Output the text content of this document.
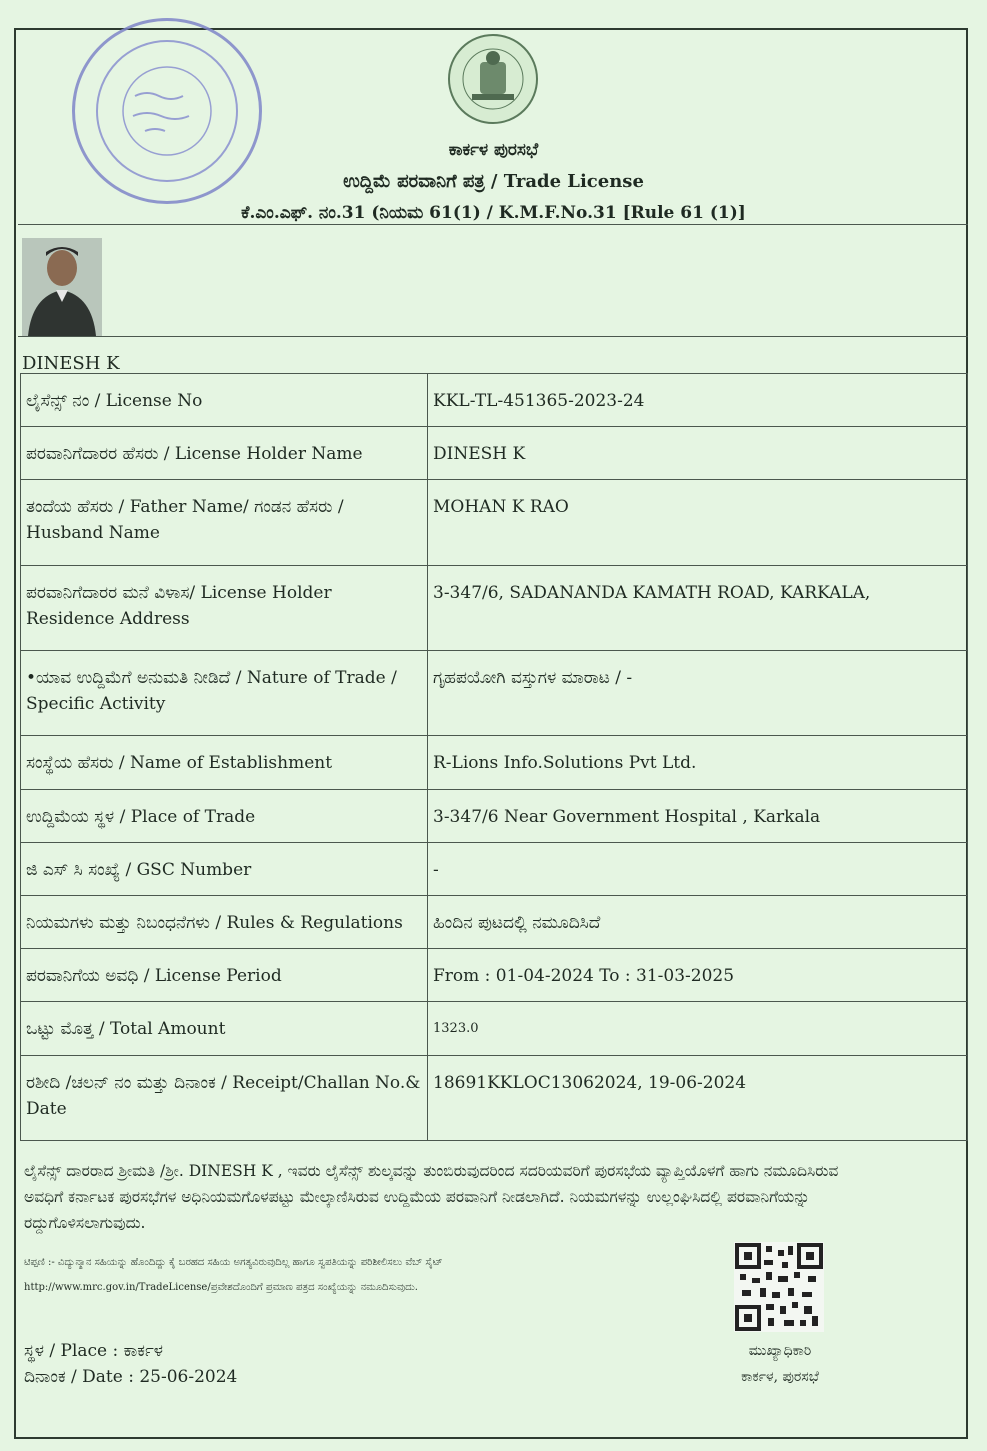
ಕಾರ್ಕಳ ಪುರಸಭೆ
ಉದ್ದಿಮೆ ಪರವಾನಿಗೆ ಪತ್ರ / Trade License
ಕೆ.ಎಂ.ಎಫ್. ನಂ.31 (ನಿಯಮ 61(1) / K.M.F.No.31 [Rule 61 (1)]
DINESH K
ಲೈಸೆನ್ಸ್ ನಂ / License No	KKL-TL-451365-2023-24
ಪರವಾನಿಗೆದಾರರ ಹೆಸರು / License Holder Name	DINESH K
ತಂದೆಯ ಹೆಸರು / Father Name/ ಗಂಡನ ಹೆಸರು / Husband Name	MOHAN K RAO
ಪರವಾನಿಗೆದಾರರ ಮನೆ ವಿಳಾಸ/ License Holder Residence Address	3-347/6, SADANANDA KAMATH ROAD, KARKALA,
•ಯಾವ ಉದ್ದಿಮೆಗೆ ಅನುಮತಿ ನೀಡಿದೆ / Nature of Trade / Specific Activity	ಗೃಹಪಯೋಗಿ ವಸ್ತುಗಳ ಮಾರಾಟ / -
ಸಂಸ್ಥೆಯ ಹೆಸರು / Name of Establishment	R-Lions Info.Solutions Pvt Ltd.
ಉದ್ದಿಮೆಯ ಸ್ಥಳ / Place of Trade	3-347/6 Near Government Hospital , Karkala
ಜಿ ಎಸ್ ಸಿ ಸಂಖ್ಯೆ / GSC Number	-
ನಿಯಮಗಳು ಮತ್ತು ನಿಬಂಧನೆಗಳು / Rules & Regulations	ಹಿಂದಿನ ಪುಟದಲ್ಲಿ ನಮೂದಿಸಿದೆ
ಪರವಾನಿಗೆಯ ಅವಧಿ / License Period	From : 01-04-2024 To : 31-03-2025
ಒಟ್ಟು ಮೊತ್ತ / Total Amount	1323.0
ರಶೀದಿ /ಚಲನ್ ನಂ ಮತ್ತು ದಿನಾಂಕ / Receipt/Challan No.& Date	18691KKLOC13062024, 19-06-2024
ಲೈಸೆನ್ಸ್ ದಾರರಾದ ಶ್ರೀಮತಿ /ಶ್ರೀ. DINESH K , ಇವರು ಲೈಸೆನ್ಸ್ ಶುಲ್ಕವನ್ನು ತುಂಬಿರುವುದರಿಂದ ಸದರಿಯವರಿಗೆ ಪುರಸಭೆಯ ವ್ಯಾಪ್ತಿಯೊಳಗೆ ಹಾಗು ನಮೂದಿಸಿರುವ ಅವಧಿಗೆ ಕರ್ನಾಟಕ ಪುರಸಭೆಗಳ ಅಧಿನಿಯಮಗೊಳಪಟ್ಟು ಮೇಲ್ಕಾಣಿಸಿರುವ ಉದ್ದಿಮೆಯ ಪರವಾನಿಗೆ ನೀಡಲಾಗಿದೆ. ನಿಯಮಗಳನ್ನು ಉಲ್ಲಂಘಿಸಿದಲ್ಲಿ ಪರವಾನಿಗೆಯನ್ನು ರದ್ದುಗೊಳಿಸಲಾಗುವುದು.
ಟಿಪ್ಪಣಿ :- ವಿದ್ಯುನ್ಮಾನ ಸಹಿಯನ್ನು ಹೊಂದಿದ್ದು ಕೈ ಬರಹದ ಸಹಿಯ ಅಗತ್ಯವಿರುವುದಿಲ್ಲ ಹಾಗೂ ಸ್ವಪತಿಯನ್ನು ಪರಿಶೀಲಿಸಲು ವೆಬ್ ಸೈಟ್ http://www.mrc.gov.in/TradeLicense/ಪ್ರವೇಶದೊಂದಿಗೆ ಪ್ರಮಾಣ ಪತ್ರದ ಸಂಖ್ಯೆಯನ್ನು ನಮೂದಿಸುವುದು.
ಸ್ಥಳ / Place : ಕಾರ್ಕಳ
ದಿನಾಂಕ / Date : 25-06-2024
ಮುಖ್ಯಾಧಿಕಾರಿ
ಕಾರ್ಕಳ, ಪುರಸಭೆ
